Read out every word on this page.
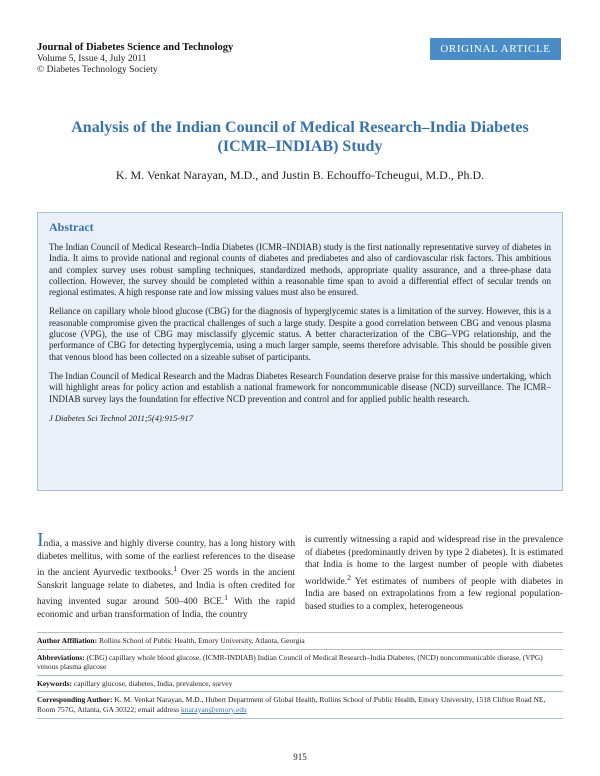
Journal of Diabetes Science and Technology
Volume 5, Issue 4, July 2011
© Diabetes Technology Society
ORIGINAL ARTICLE
Analysis of the Indian Council of Medical Research–India Diabetes
(ICMR–INDIAB) Study
K. M. Venkat Narayan, M.D., and Justin B. Echouffo-Tcheugui, M.D., Ph.D.
Abstract

The Indian Council of Medical Research–India Diabetes (ICMR–INDIAB) study is the first nationally representative survey of diabetes in India. It aims to provide national and regional counts of diabetes and prediabetes and also of cardiovascular risk factors. This ambitious and complex survey uses robust sampling techniques, standardized methods, appropriate quality assurance, and a three-phase data collection. However, the survey should be completed within a reasonable time span to avoid a differential effect of secular trends on regional estimates. A high response rate and low missing values must also be ensured.

Reliance on capillary whole blood glucose (CBG) for the diagnosis of hyperglycemic states is a limitation of the survey. However, this is a reasonable compromise given the practical challenges of such a large study. Despite a good correlation between CBG and venous plasma glucose (VPG), the use of CBG may misclassify glycemic status. A better characterization of the CBG–VPG relationship, and the performance of CBG for detecting hyperglycemia, using a much larger sample, seems therefore advisable. This should be possible given that venous blood has been collected on a sizeable subset of participants.

The Indian Council of Medical Research and the Madras Diabetes Research Foundation deserve praise for this massive undertaking, which will highlight areas for policy action and establish a national framework for noncommunicable disease (NCD) surveillance. The ICMR–INDIAB survey lays the foundation for effective NCD prevention and control and for applied public health research.

J Diabetes Sci Technol 2011;5(4):915-917

India, a massive and highly diverse country, has a long history with diabetes mellitus, with some of the earliest references to the disease in the ancient Ayurvedic textbooks.$^1$ Over 25 words in the ancient Sanskrit language relate to diabetes, and India is often credited for having invented sugar around 500–400 BCE.$^1$ With the rapid economic and urban transformation of India, the country

is currently witnessing a rapid and widespread rise in the prevalence of diabetes (predominantly driven by type 2 diabetes). It is estimated that India is home to the largest number of people with diabetes worldwide.$^2$ Yet estimates of numbers of people with diabetes in India are based on extrapolations from a few regional population-based studies to a complex, heterogeneous

Author Affiliation: Rollins School of Public Health, Emory University, Atlanta, Georgia
Abbreviations: (CBG) capillary whole blood glucose, (ICMR-INDIAB) Indian Council of Medical Research–India Diabetes, (NCD) noncommunicable disease, (VPG) venous plasma glucose
Keywords: capillary glucose, diabetes, India, prevalence, survey
Corresponding Author: K. M. Venkat Narayan, M.D., Hubert Department of Global Health, Rollins School of Public Health, Emory University, 1518 Clifton Road NE, Room 757G, Atlanta, GA 30322; email address knarayan@emory.edu
915
